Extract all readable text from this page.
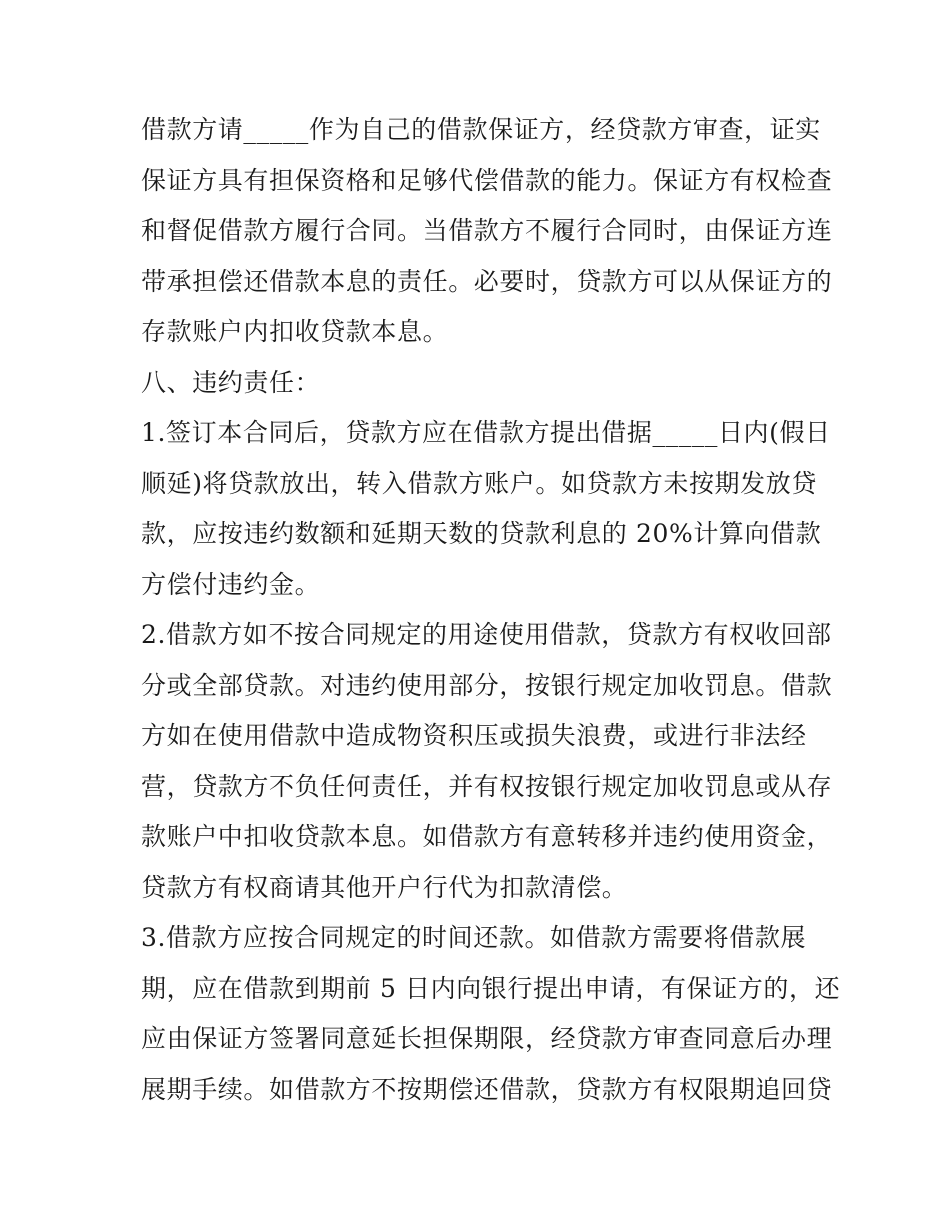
借款方请_____作为自己的借款保证方，经贷款方审查，证实
保证方具有担保资格和足够代偿借款的能力。保证方有权检查
和督促借款方履行合同。当借款方不履行合同时，由保证方连
带承担偿还借款本息的责任。必要时，贷款方可以从保证方的
存款账户内扣收贷款本息。

八、违约责任：

1.签订本合同后，贷款方应在借款方提出借据_____日内(假日
顺延)将贷款放出，转入借款方账户。如贷款方未按期发放贷
款，应按违约数额和延期天数的贷款利息的 20%计算向借款
方偿付违约金。

2.借款方如不按合同规定的用途使用借款，贷款方有权收回部
分或全部贷款。对违约使用部分，按银行规定加收罚息。借款
方如在使用借款中造成物资积压或损失浪费，或进行非法经
营，贷款方不负任何责任，并有权按银行规定加收罚息或从存
款账户中扣收贷款本息。如借款方有意转移并违约使用资金，
贷款方有权商请其他开户行代为扣款清偿。

3.借款方应按合同规定的时间还款。如借款方需要将借款展
期，应在借款到期前 5 日内向银行提出申请，有保证方的，还
应由保证方签署同意延长担保期限，经贷款方审查同意后办理
展期手续。如借款方不按期偿还借款，贷款方有权限期追回贷
